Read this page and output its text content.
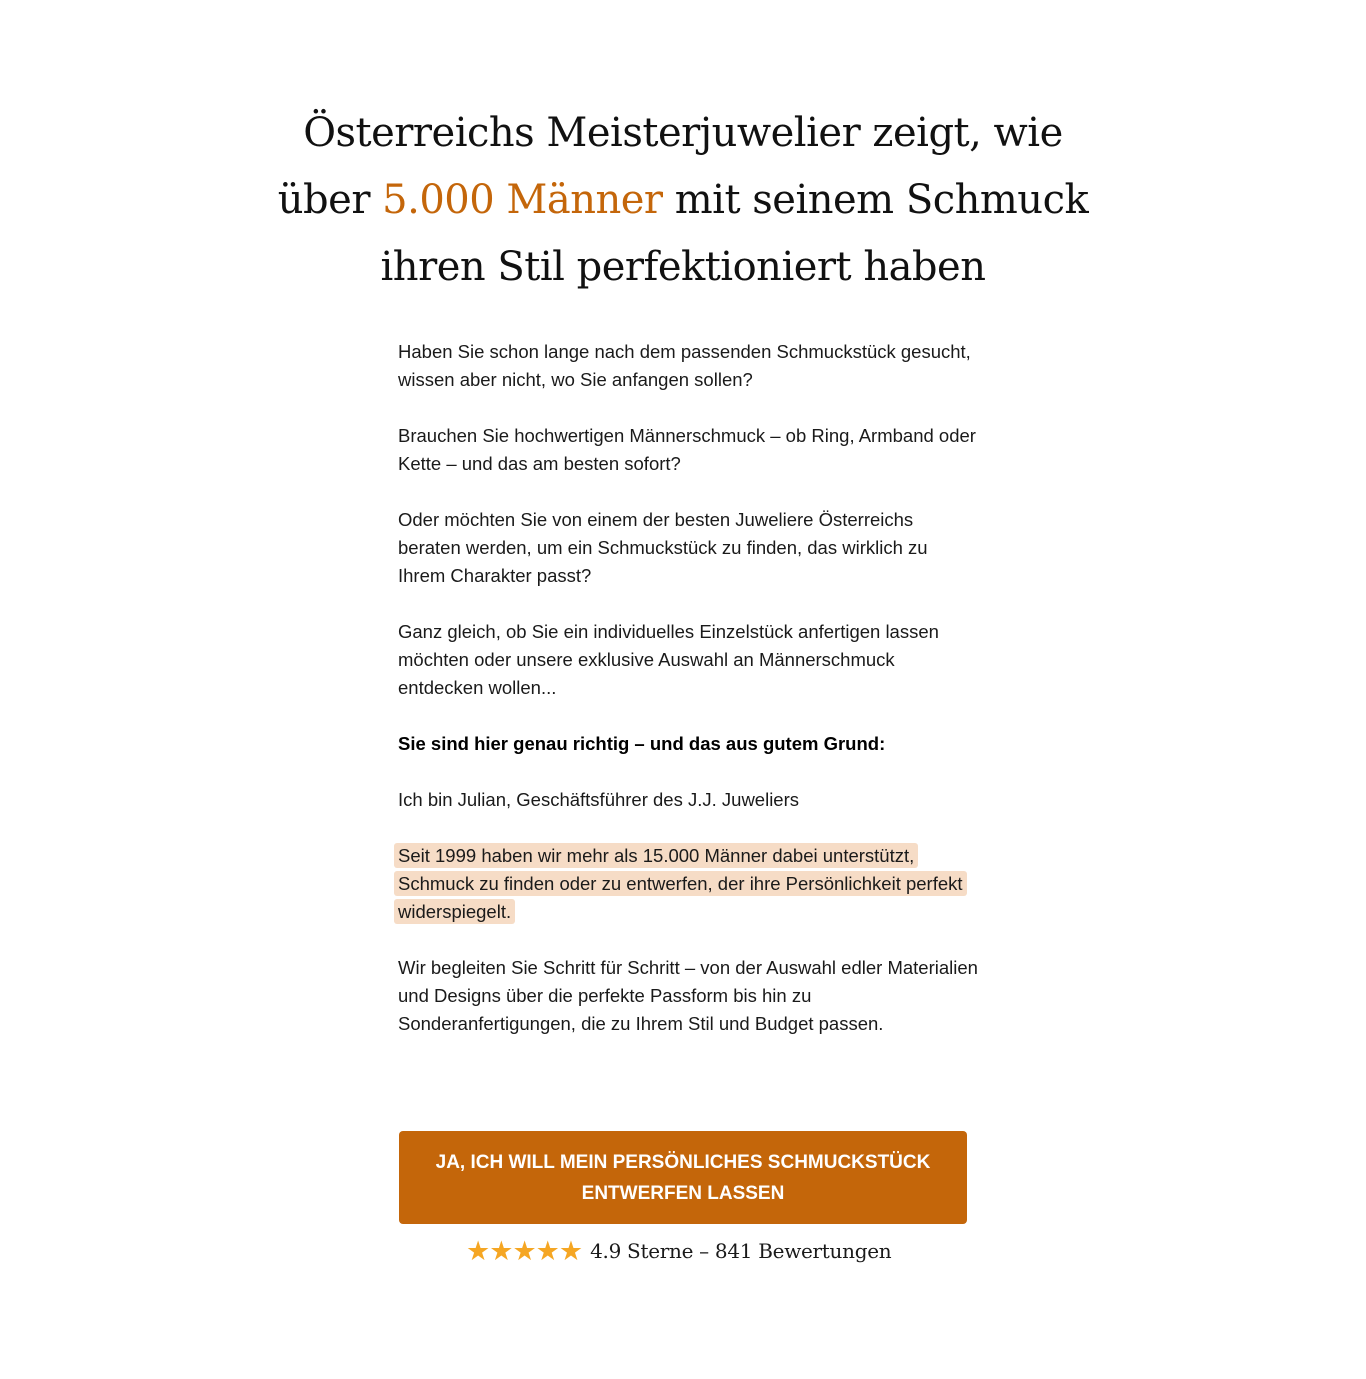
Österreichs Meisterjuwelier zeigt, wie
über 5.000 Männer mit seinem Schmuck
ihren Stil perfektioniert haben

Haben Sie schon lange nach dem passenden Schmuckstück gesucht, wissen aber nicht, wo Sie anfangen sollen?

Brauchen Sie hochwertigen Männerschmuck – ob Ring, Armband oder Kette – und das am besten sofort?

Oder möchten Sie von einem der besten Juweliere Österreichs beraten werden, um ein Schmuckstück zu finden, das wirklich zu Ihrem Charakter passt?

Ganz gleich, ob Sie ein individuelles Einzelstück anfertigen lassen möchten oder unsere exklusive Auswahl an Männerschmuck entdecken wollen...

Sie sind hier genau richtig – und das aus gutem Grund:

Ich bin Julian, Geschäftsführer des J.J. Juweliers

Seit 1999 haben wir mehr als 15.000 Männer dabei unterstützt, Schmuck zu finden oder zu entwerfen, der ihre Persönlichkeit perfekt widerspiegelt.

Wir begleiten Sie Schritt für Schritt – von der Auswahl edler Materialien und Designs über die perfekte Passform bis hin zu Sonderanfertigungen, die zu Ihrem Stil und Budget passen.

JA, ICH WILL MEIN PERSÖNLICHES SCHMUCKSTÜCK
ENTWERFEN LASSEN
★ ★ ★ ★ ★ 4.9 Sterne – 841 Bewertungen
